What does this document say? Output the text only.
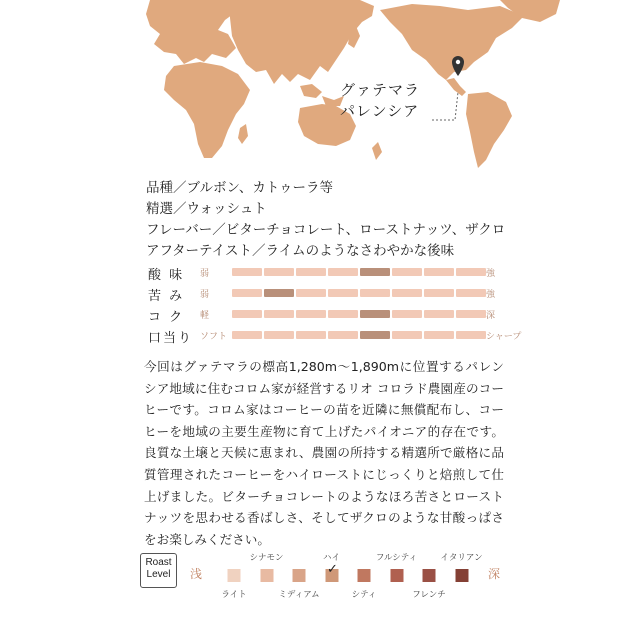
グァテマラ
パレンシア
品種／ブルボン、カトゥーラ等
精選／ウォッシュト
フレーバー／ビターチョコレート、ローストナッツ、ザクロ
アフターテイスト／ライムのようなさわやかな後味
酸 味	弱	強
苦 み	弱	強
コ ク	軽	深
口当り ソフト	シャープ

今回はグァテマラの標高1,280m～1,890mに位置するパレンシア地域に住むコロム家が経営するリオ コロラド農園産のコーヒーです。コロム家はコーヒーの苗を近隣に無償配布し、コーヒーを地域の主要生産物に育て上げたパイオニア的存在です。良質な土壌と天候に恵まれ、農園の所持する精選所で厳格に品質管理されたコーヒーをハイローストにじっくりと焙煎して仕上げました。ビターチョコレートのようなほろ苦さとローストナッツを思わせる香ばしさ、そしてザクロのような甘酸っぱさをお楽しみください。

Roast
Level	浅	深
ライト
シナモン
ミディアム
ハイ
✓
シティ
フルシティ
フレンチ
イタリアン
